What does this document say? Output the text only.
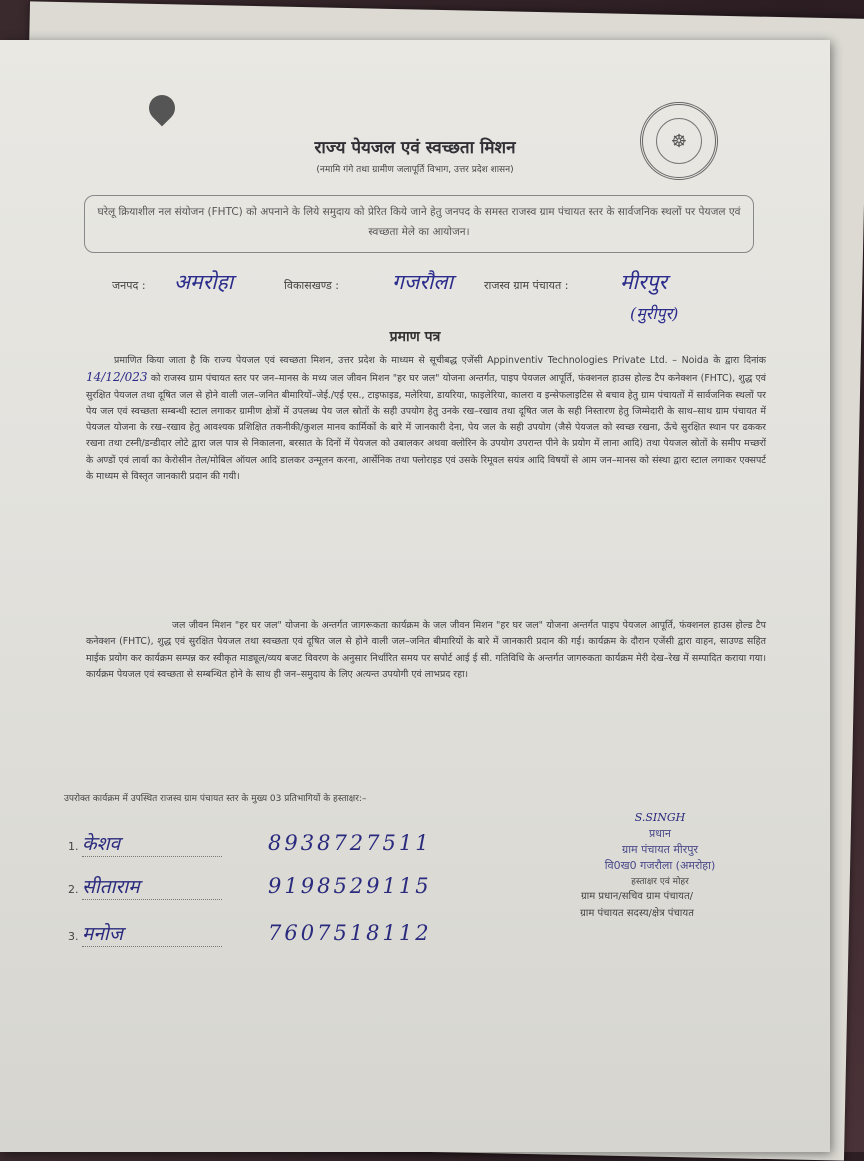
☸
राज्य पेयजल एवं स्वच्छता मिशन
(नमामि गंगे तथा ग्रामीण जलापूर्ति विभाग, उत्तर प्रदेश शासन)
घरेलू क्रियाशील नल संयोजन (FHTC) को अपनाने के लिये समुदाय को प्रेरित किये जाने हेतु जनपद के समस्त राजस्व ग्राम पंचायत स्तर के सार्वजनिक स्थलों पर पेयजल एवं स्वच्छता मेले का आयोजन।
जनपद : अमरोहा	विकासखण्ड :	गजरौला	राजस्व ग्राम पंचायत : मीरपुर
(मुरीपुर)
प्रमाण पत्र
प्रमाणित किया जाता है कि राज्य पेयजल एवं स्वच्छता मिशन, उत्तर प्रदेश के माध्यम से सूचीबद्ध एजेंसी Appinventiv Technologies Private Ltd. – Noida के द्वारा दिनांक 14/12/023 को राजस्व ग्राम पंचायत स्तर पर जन–मानस के मध्य जल जीवन मिशन "हर घर जल" योजना अन्तर्गत, पाइप पेयजल आपूर्ति, फंक्शनल हाउस होल्ड टैप कनेक्शन (FHTC), शुद्ध एवं सुरक्षित पेयजल तथा दूषित जल से होने वाली जल–जनित बीमारियों–जेई./एई एस., टाइफाइड, मलेरिया, डायरिया, फाइलेरिया, कालरा व इन्सेफलाइटिस से बचाव हेतु ग्राम पंचायतों में सार्वजनिक स्थलों पर पेय जल एवं स्वच्छता सम्बन्धी स्टाल लगाकर ग्रामीण क्षेत्रों में उपलब्ध पेय जल स्रोतों के सही उपयोग हेतु उनके रख–रखाव तथा दूषित जल के सही निस्तारण हेतु जिम्मेदारी के साथ–साथ ग्राम पंचायत में पेयजल योजना के रख–रखाव हेतु आवश्यक प्रशिक्षित तकनीकी/कुशल मानव कार्मिकों के बारे में जानकारी देना, पेय जल के सही उपयोग (जैसे पेयजल को स्वच्छ रखना, ऊँचे सुरक्षित स्थान पर ढककर रखना तथा टस्नी/डन्डीदार लोटे द्वारा जल पात्र से निकालना, बरसात के दिनों में पेयजल को उबालकर अथवा क्लोरिन के उपयोग उपरान्त पीने के प्रयोग में लाना आदि) तथा पेयजल स्रोतों के समीप मच्छरों के अण्डों एवं लार्वा का केरोसीन तेल/मोबिल ऑयल आदि डालकर उन्मूलन करना, आर्सेनिक तथा फ्लोराइड एवं उसके रिमूवल सयंत्र आदि विषयों से आम जन–मानस को संस्था द्वारा स्टाल लगाकर एक्सपर्ट के माध्यम से विस्तृत जानकारी प्रदान की गयी।
जल जीवन मिशन "हर घर जल" योजना के अन्तर्गत जागरूकता कार्यक्रम के जल जीवन मिशन "हर घर जल" योजना अन्तर्गत पाइप पेयजल आपूर्ति, फंक्शनल हाउस होल्ड टैप कनेक्शन (FHTC), शुद्ध एवं सुरक्षित पेयजल तथा स्वच्छता एवं दूषित जल से होने वाली जल–जनित बीमारियों के बारे में जानकारी प्रदान की गई। कार्यक्रम के दौरान एजेंसी द्वारा वाहन, साउण्ड सहित माईक प्रयोग कर कार्यक्रम सम्पन्न कर स्वीकृत माड्यूल/व्यय बजट विवरण के अनुसार निर्धारित समय पर सपोर्ट आई ई सी. गतिविधि के अन्तर्गत जागरुकता कार्यक्रम मेरी देख–रेख में सम्पादित कराया गया। कार्यक्रम पेयजल एवं स्वच्छता से सम्बन्धित होने के साथ ही जन–समुदाय के लिए अत्यन्त उपयोगी एवं लाभप्रद रहा।
उपरोक्त कार्यक्रम में उपस्थित राजस्व ग्राम पंचायत स्तर के मुख्य 03 प्रतिभागियों के हस्ताक्षर:–
1. केशव	8938727511
2. सीताराम	9198529115
3. मनोज	7607518112
S.SINGH
प्रधान
ग्राम पंचायत मीरपुर
वि0ख0 गजरौला (अमरोहा)
हस्ताक्षर एवं मोहर
ग्राम प्रधान/सचिव ग्राम पंचायत/
ग्राम पंचायत सदस्य/क्षेत्र पंचायत
